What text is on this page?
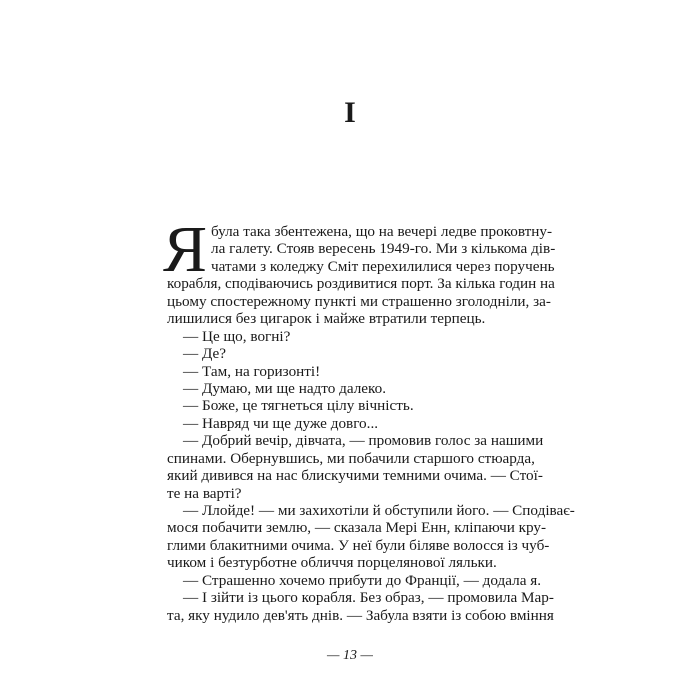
I
Я була така збентежена, що на вечері ледве проковтну-
ла галету. Стояв вересень 1949-го. Ми з кількома дів-
чатами з коледжу Сміт перехилилися через поручень
корабля, сподіваючись роздивитися порт. За кілька годин на
цьому спостережному пункті ми страшенно зголодніли, за-
лишилися без цигарок і майже втратили терпець.
— Це що, вогні?
— Де?
— Там, на горизонті!
— Думаю, ми ще надто далеко.
— Боже, це тягнеться цілу вічність.
— Навряд чи ще дуже довго...
— Добрий вечір, дівчата, — промовив голос за нашими
спинами. Обернувшись, ми побачили старшого стюарда,
який дивився на нас блискучими темними очима. — Стої-
те на варті?
— Ллойде! — ми захихотіли й обступили його. — Сподіває-
мося побачити землю, — сказала Мері Енн, кліпаючи кру-
глими блакитними очима. У неї були біляве волосся із чуб-
чиком і безтурботне обличчя порцелянової ляльки.
— Страшенно хочемо прибути до Франції, — додала я.
— І зійти із цього корабля. Без образ, — промовила Мар-
та, яку нудило дев'ять днів. — Забула взяти із собою вміння
— 13 —
